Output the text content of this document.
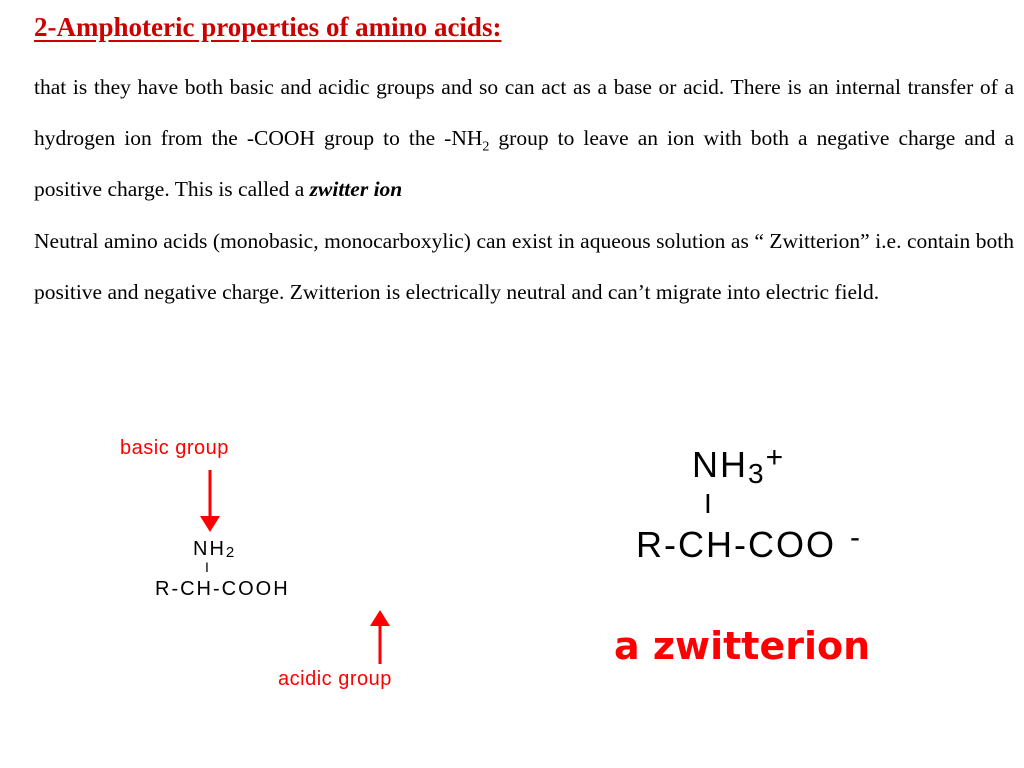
2-Amphoteric properties of amino acids:

that is they have both basic and acidic groups and so can act as a base or acid. There is an internal transfer of a hydrogen ion from the -COOH group to the $-NH_2$ group to leave an ion with both a negative charge and a positive charge. This is called a zwitter ion

Neutral amino acids (monobasic, monocarboxylic) can exist in aqueous solution as “ Zwitterion” i.e. contain both positive and negative charge. Zwitterion is electrically neutral and can’t migrate into electric field.

basic group
$NH_2$
I
R-CH-COOH
acidic group
NH3+
I
R-CH-COO -
a zwitterion
